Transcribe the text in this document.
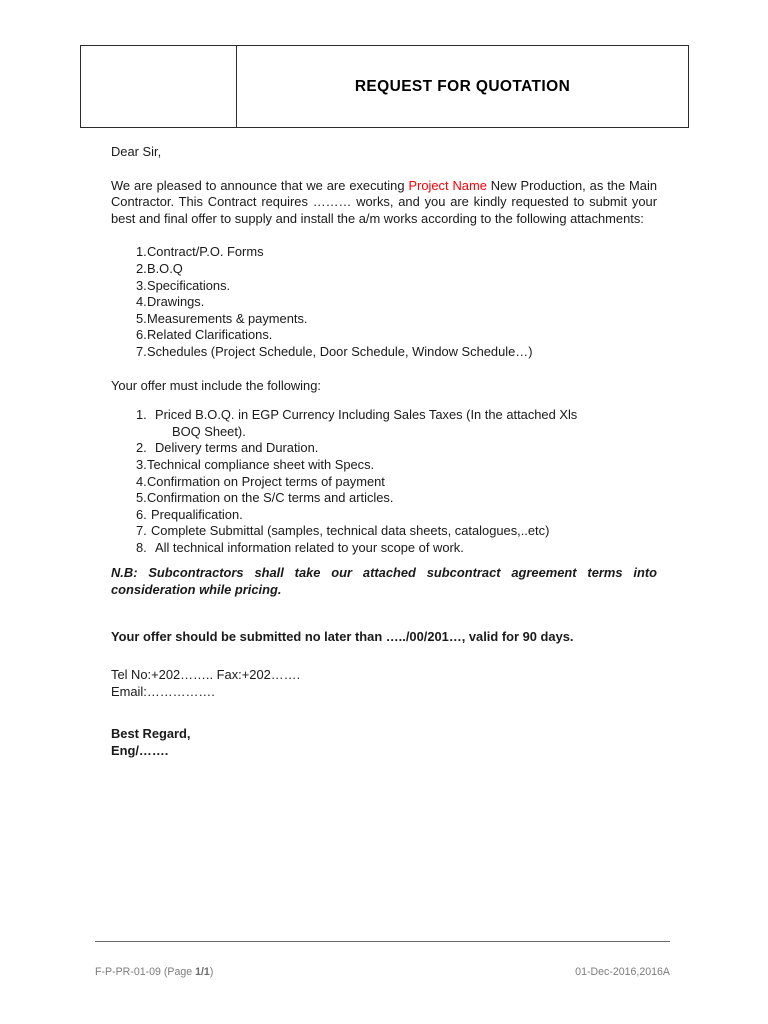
	REQUEST FOR QUOTATION

Dear Sir,

We are pleased to announce that we are executing Project Name New Production, as the Main Contractor. This Contract requires ……… works, and you are kindly requested to submit your best and final offer to supply and install the a/m works according to the following attachments:

1. Contract/P.O. Forms
2. B.O.Q
3. Specifications.
4. Drawings.
5. Measurements & payments.
6. Related Clarifications.
7. Schedules (Project Schedule, Door Schedule, Window Schedule…)

Your offer must include the following:

1. Priced B.O.Q. in EGP Currency Including Sales Taxes (In the attached Xls
BOQ Sheet).
2. Delivery terms and Duration.
3. Technical compliance sheet with Specs.
4. Confirmation on Project terms of payment
5. Confirmation on the S/C terms and articles.
6. Prequalification.
7. Complete Submittal (samples, technical data sheets, catalogues,..etc)
8. All technical information related to your scope of work.

N.B: Subcontractors shall take our attached subcontract agreement terms into consideration while pricing.

Your offer should be submitted no later than …../00/201…, valid for 90 days.

Tel No:+202…….. Fax:+202…….

Email:…………….

Best Regard,

Eng/…….

F-P-PR-01-09 (Page 1/1)	01-Dec-2016,2016A
